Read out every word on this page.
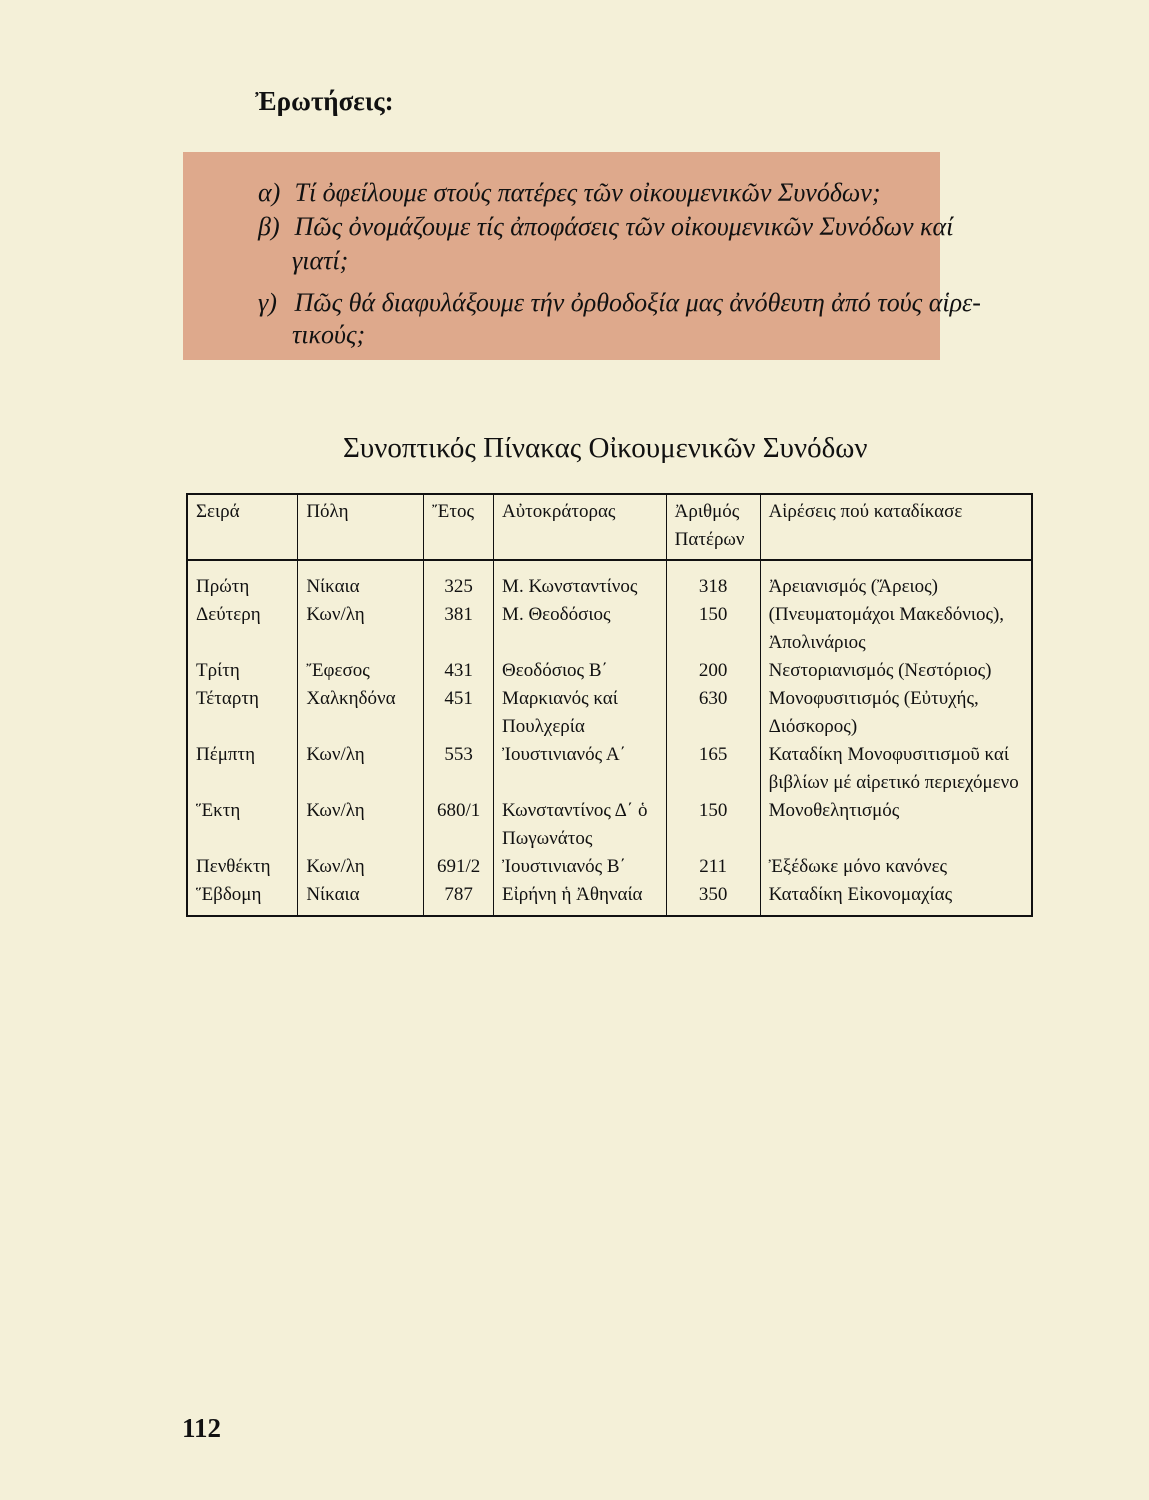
Ἐρωτήσεις:
α) Τί ὀφείλουμε στούς πατέρες τῶν οἰκουμενικῶν Συνόδων;
β) Πῶς ὀνομάζουμε τίς ἀποφάσεις τῶν οἰκουμενικῶν Συνόδων καί
γιατί;
γ) Πῶς θά διαφυλάξουμε τήν ὀρθοδοξία μας ἀνόθευτη ἀπό τούς αἱρε-
τικούς;
Συνοπτικός Πίνακας Οἰκουμενικῶν Συνόδων
Σειρά	Πόλη	Ἔτος	Αὐτοκράτορας	Ἀριθμός Πατέρων	Αἱρέσεις πού καταδίκασε
Πρώτη	Νίκαια	325	Μ. Κωνσταντίνος	318	Ἀρειανισμός (Ἄρειος)
Δεύτερη	Κων/λη	381	Μ. Θεοδόσιος	150	(Πνευματομάχοι Μακεδόνιος), Ἀπολινάριος
Τρίτη	Ἔφεσος	431	Θεοδόσιος Β΄	200	Νεστοριανισμός (Νεστόριος)
Τέταρτη	Χαλκηδόνα	451	Μαρκιανός καί Πουλχερία	630	Μονοφυσιτισμός (Εὐτυχής, Διόσκορος)
Πέμπτη	Κων/λη	553	Ἰουστινιανός Α΄	165	Καταδίκη Μονοφυσιτισμοῦ καί βιβλίων μέ αἱρετικό περιεχόμενο
Ἕκτη	Κων/λη	680/1	Κωνσταντίνος Δ΄ ὁ Πωγωνάτος	150	Μονοθελητισμός
Πενθέκτη	Κων/λη	691/2	Ἰουστινιανός Β΄	211	Ἐξέδωκε μόνο κανόνες
Ἕβδομη	Νίκαια	787	Εἰρήνη ἡ Ἀθηναία	350	Καταδίκη Εἰκονομαχίας
112
